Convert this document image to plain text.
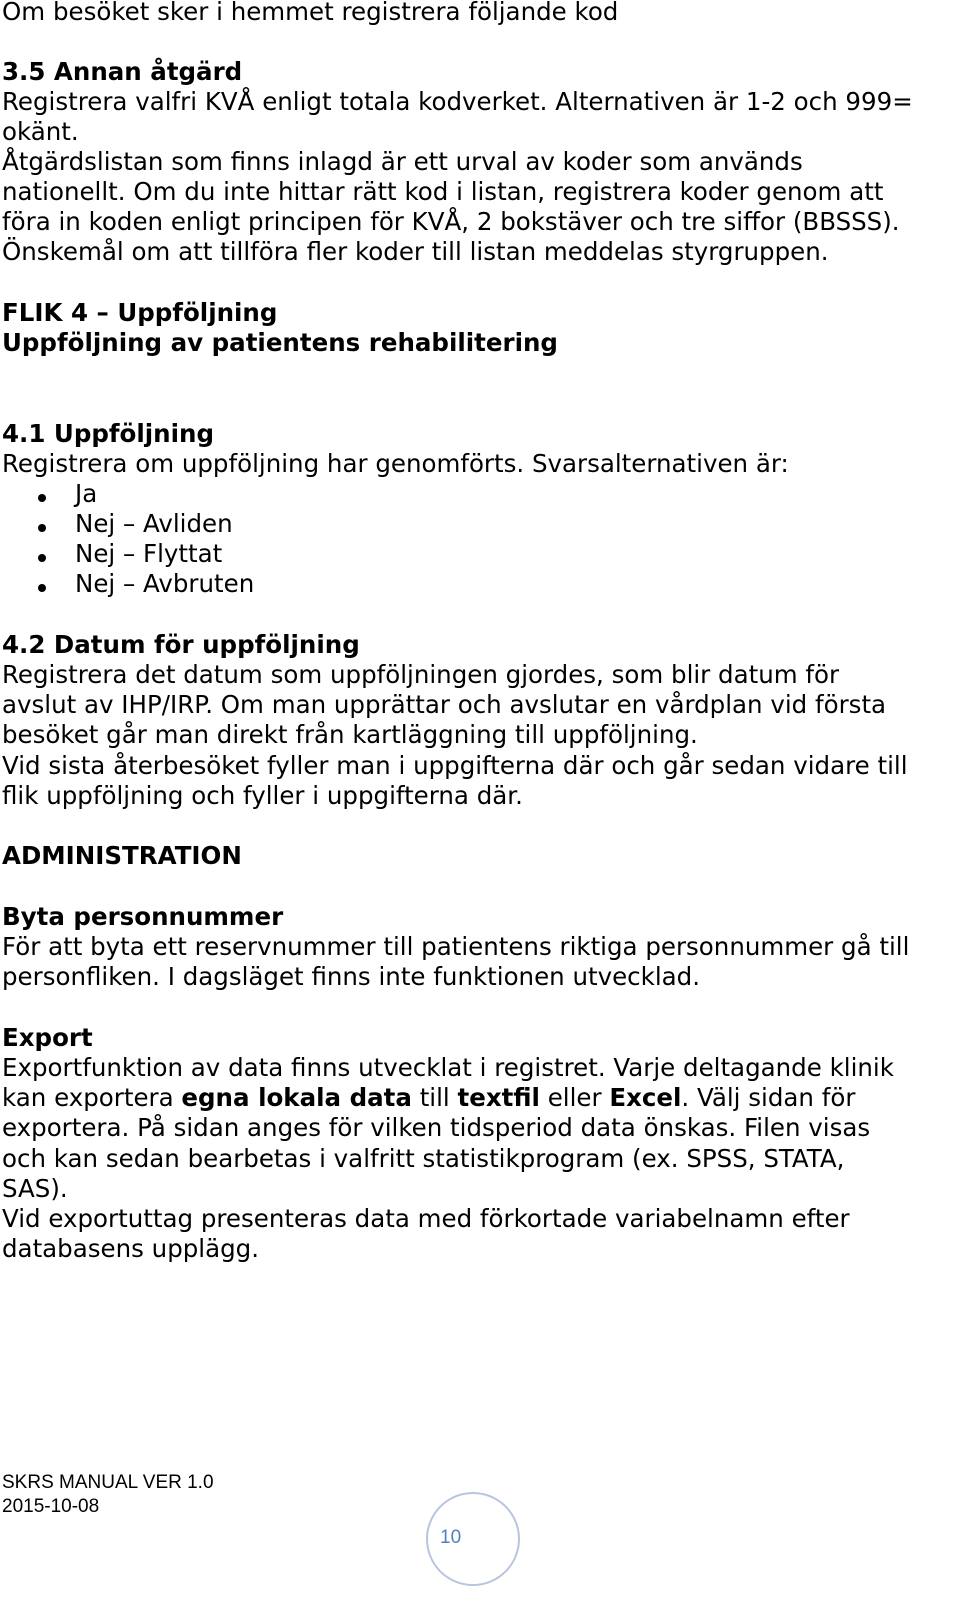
Om besöket sker i hemmet registrera följande kod
3.5 Annan åtgärd
Registrera valfri KVÅ enligt totala kodverket. Alternativen är 1-2 och 999=
okänt.
Åtgärdslistan som finns inlagd är ett urval av koder som används
nationellt. Om du inte hittar rätt kod i listan, registrera koder genom att
föra in koden enligt principen för KVÅ, 2 bokstäver och tre siffor (BBSSS).
Önskemål om att tillföra fler koder till listan meddelas styrgruppen.
FLIK 4 – Uppföljning
Uppföljning av patientens rehabilitering
4.1 Uppföljning
Registrera om uppföljning har genomförts. Svarsalternativen är:
Ja
Nej – Avliden
Nej – Flyttat
Nej – Avbruten
4.2 Datum för uppföljning
Registrera det datum som uppföljningen gjordes, som blir datum för
avslut av IHP/IRP. Om man upprättar och avslutar en vårdplan vid första
besöket går man direkt från kartläggning till uppföljning.
Vid sista återbesöket fyller man i uppgifterna där och går sedan vidare till
flik uppföljning och fyller i uppgifterna där.
ADMINISTRATION
Byta personnummer
För att byta ett reservnummer till patientens riktiga personnummer gå till
personfliken. I dagsläget finns inte funktionen utvecklad.
Export
Exportfunktion av data finns utvecklat i registret. Varje deltagande klinik
kan exportera egna lokala data till textfil eller Excel. Välj sidan för
exportera. På sidan anges för vilken tidsperiod data önskas. Filen visas
och kan sedan bearbetas i valfritt statistikprogram (ex. SPSS, STATA,
SAS).
Vid exportuttag presenteras data med förkortade variabelnamn efter
databasens upplägg.
SKRS MANUAL VER 1.0
2015-10-08
10
